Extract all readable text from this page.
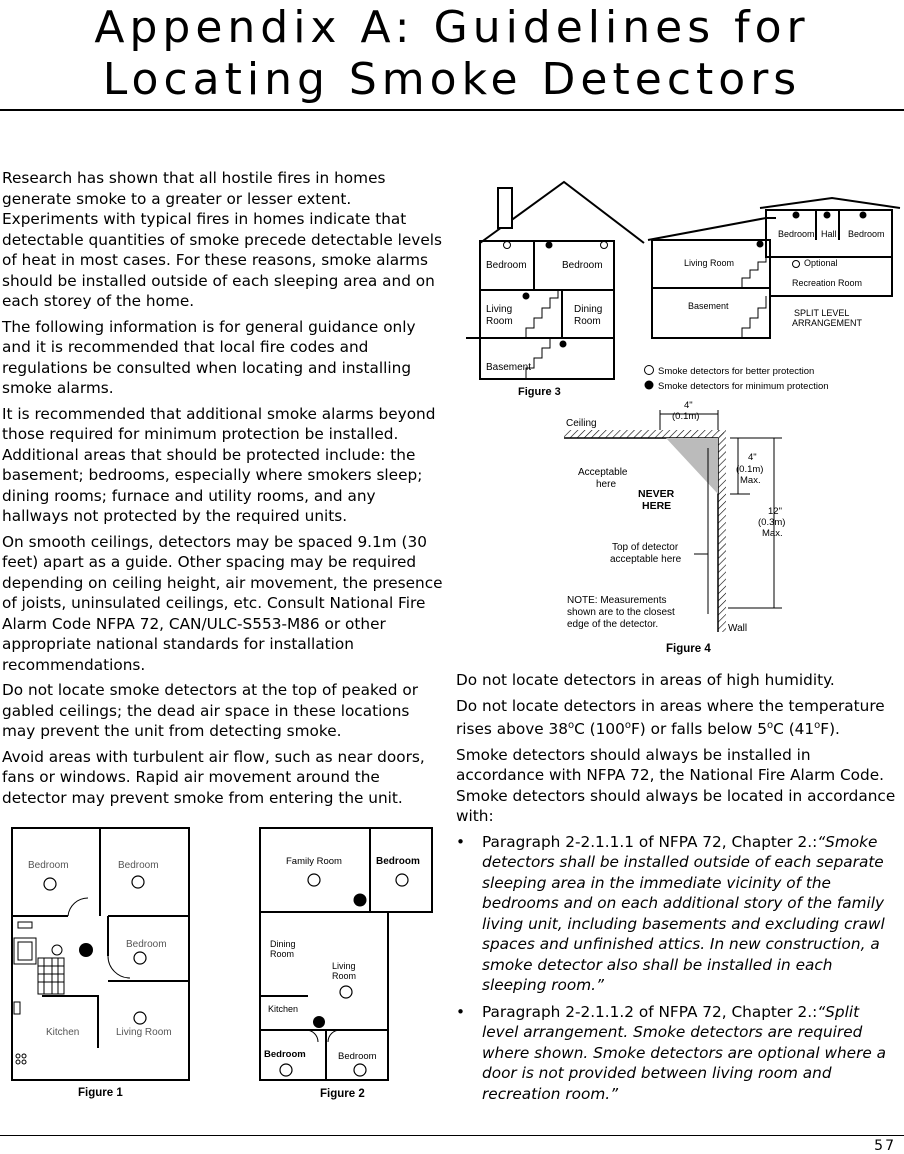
Appendix A: Guidelines for
Locating Smoke Detectors

Research has shown that all hostile fires in homes generate smoke to a greater or lesser extent. Experiments with typical fires in homes indicate that detectable quantities of smoke precede detectable levels of heat in most cases. For these reasons, smoke alarms should be installed outside of each sleeping area and on each storey of the home.

The following information is for general guidance only and it is recommended that local fire codes and regulations be consulted when locating and installing smoke alarms.

It is recommended that additional smoke alarms beyond those required for minimum protection be installed. Additional areas that should be protected include: the basement; bedrooms, especially where smokers sleep; dining rooms; furnace and utility rooms, and any hallways not protected by the required units.

On smooth ceilings, detectors may be spaced 9.1m (30 feet) apart as a guide. Other spacing may be required depending on ceiling height, air movement, the presence of joists, uninsulated ceilings, etc. Consult National Fire Alarm Code NFPA 72, CAN/ULC-S553-M86 or other appropriate national standards for installation recommendations.

Do not locate smoke detectors at the top of peaked or gabled ceilings; the dead air space in these locations may prevent the unit from detecting smoke.

Avoid areas with turbulent air flow, such as near doors, fans or windows. Rapid air movement around the detector may prevent smoke from entering the unit.

Do not locate detectors in areas of high humidity.

Do not locate detectors in areas where the temperature rises above 38$^o$C (100$^o$F) or falls below 5$^o$C (41$^o$F).

Smoke detectors should always be installed in accordance with NFPA 72, the National Fire Alarm Code. Smoke detectors should always be located in accordance with:

• Paragraph 2-2.1.1.1 of NFPA 72, Chapter 2.:“Smoke detectors shall be installed outside of each separate sleeping area in the immediate vicinity of the bedrooms and on each additional story of the family living unit, including basements and excluding crawl spaces and unfinished attics. In new construction, a smoke detector also shall be installed in each sleeping room.”
• Paragraph 2-2.1.1.2 of NFPA 72, Chapter 2.:“Split level arrangement. Smoke detectors are required where shown. Smoke detectors are optional where a door is not provided between living room and recreation room.”
Bedroom	Bedroom
Living
Room
Dining
Room
Basement
Bedroom Hall Bedroom
Living Room	Optional
Recreation Room
Basement
SPLIT LEVEL
ARRANGEMENT
Figure 3
Smoke detectors for better protection
Smoke detectors for minimum protection
Ceiling
Wall
4"
(0.1m)
4"
(0.1m)
Max.
12"
(0.3m)
Max.
Acceptable
here
NEVER
HERE
Top of detector
acceptable here
NOTE: Measurements
shown are to the closest
edge of the detector.
Figure 4
Bedroom	Bedroom
Bedroom
Kitchen	Living Room
Figure 1
Family Room	Bedroom
Dining
Room
Living
Room
Kitchen
Bedroom	Bedroom
Figure 2
57
